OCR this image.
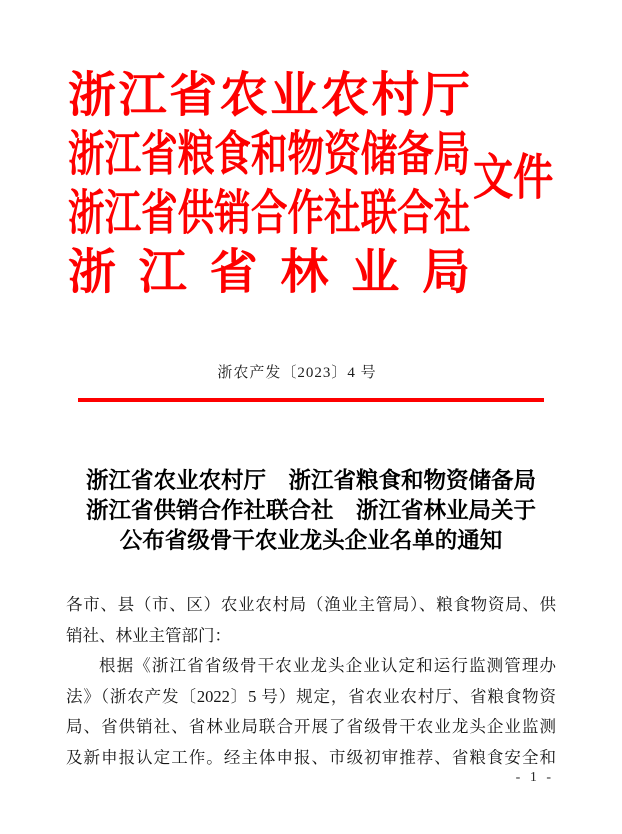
浙江省农业农村厅
浙江省粮食和物资储备局
浙江省供销合作社联合社
浙江省林业局
文件
浙农产发〔2023〕4 号
浙江省农业农村厅　浙江省粮食和物资储备局
浙江省供销合作社联合社　浙江省林业局关于
公布省级骨干农业龙头企业名单的通知
各市、县（市、区）农业农村局（渔业主管局）、粮食物资局、供
销社、林业主管部门：
根据《浙江省省级骨干农业龙头企业认定和运行监测管理办
法》（浙农产发〔2022〕5 号）规定，省农业农村厅、省粮食物资
局、省供销社、省林业局联合开展了省级骨干农业龙头企业监测
及新申报认定工作。经主体申报、市级初审推荐、省粮食安全和
- 1 -
